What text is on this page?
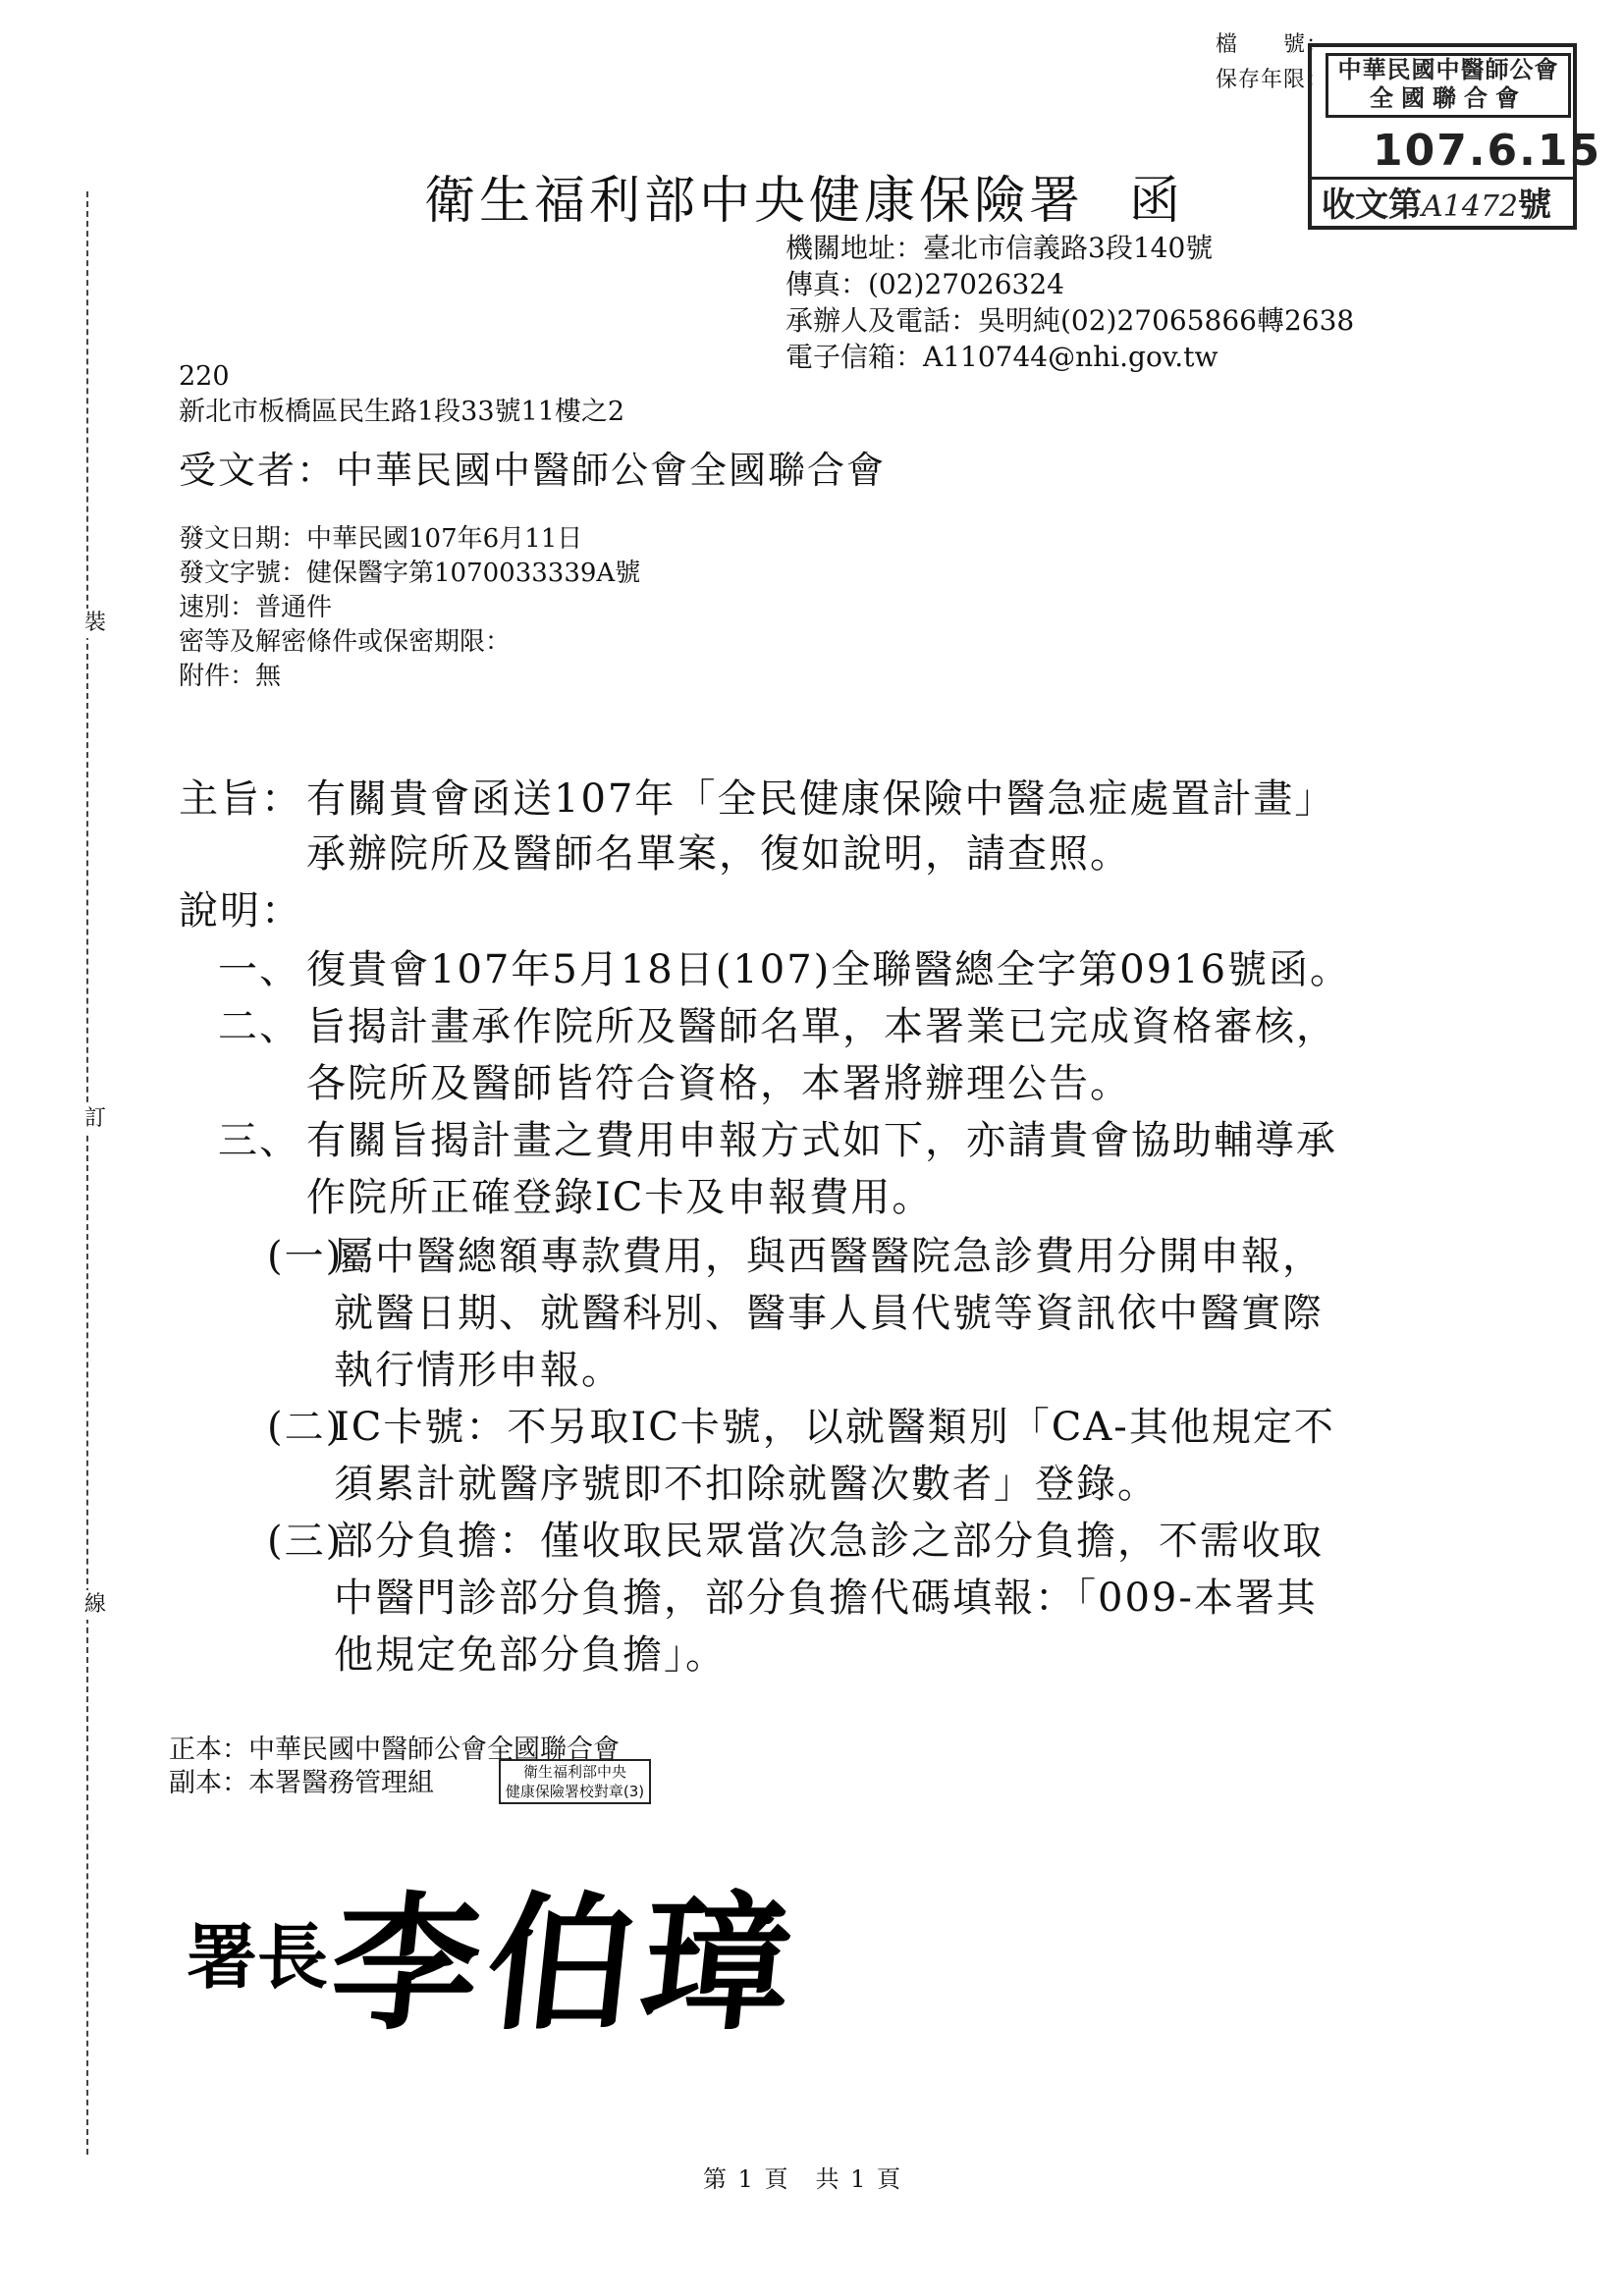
裝
訂
線
檔　　號：
保存年限： 中華民國中醫師公會
全國聯合會
107.6.15
收文第A1472號
衛生福利部中央健康保險署 函
機關地址：臺北市信義路3段140號
傳真：(02)27026324
承辦人及電話：吳明純(02)27065866轉2638
電子信箱：A110744@nhi.gov.tw
220
新北市板橋區民生路1段33號11樓之2
受文者：中華民國中醫師公會全國聯合會
發文日期：中華民國107年6月11日
發文字號：健保醫字第1070033339A號
速別：普通件
密等及解密條件或保密期限：
附件：無
主旨： 有關貴會函送107年「全民健康保險中醫急症處置計畫」
承辦院所及醫師名單案，復如說明，請查照。
說明：
一、 復貴會107年5月18日(107)全聯醫總全字第0916號函。
二、 旨揭計畫承作院所及醫師名單，本署業已完成資格審核，
各院所及醫師皆符合資格，本署將辦理公告。
三、 有關旨揭計畫之費用申報方式如下，亦請貴會協助輔導承
作院所正確登錄IC卡及申報費用。
(一)
屬中醫總額專款費用，與西醫醫院急診費用分開申報，
就醫日期、就醫科別、醫事人員代號等資訊依中醫實際
執行情形申報。
(二)
IC卡號：不另取IC卡號，以就醫類別「CA-其他規定不
須累計就醫序號即不扣除就醫次數者」登錄。
(三)
部分負擔：僅收取民眾當次急診之部分負擔，不需收取
中醫門診部分負擔，部分負擔代碼填報：「009-本署其
他規定免部分負擔」。
正本：中華民國中醫師公會全國聯合會
副本：本署醫務管理組	衛生福利部中央
健康保險署校對章(3)
署長 李伯璋
第 1 頁　共 1 頁
